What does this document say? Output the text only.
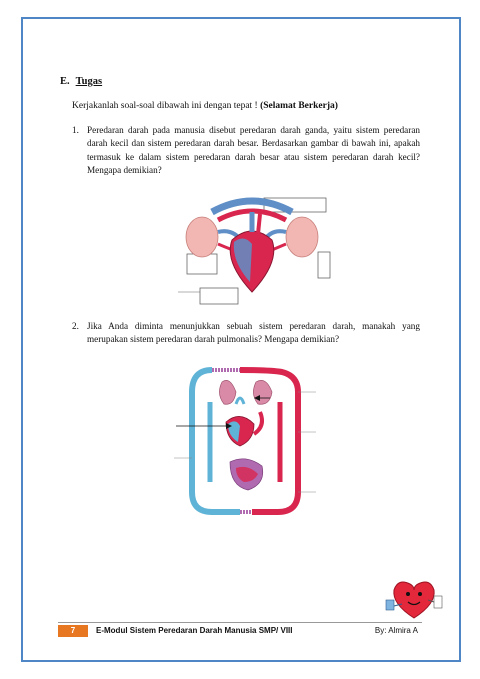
E. Tugas
Kerjakanlah soal-soal dibawah ini dengan tepat ! (Selamat Berkerja)
1. Peredaran darah pada manusia disebut peredaran darah ganda, yaitu sistem peredaran darah kecil dan sistem peredaran darah besar. Berdasarkan gambar di bawah ini, apakah termasuk ke dalam sistem peredaran darah besar atau sistem peredaran darah kecil? Mengapa demikian?
2. Jika Anda diminta menunjukkan sebuah sistem peredaran darah, manakah yang merupakan sistem peredaran darah pulmonalis? Mengapa demikian?
7	E-Modul Sistem Peredaran Darah Manusia SMP/ VIII	By: Almira A
